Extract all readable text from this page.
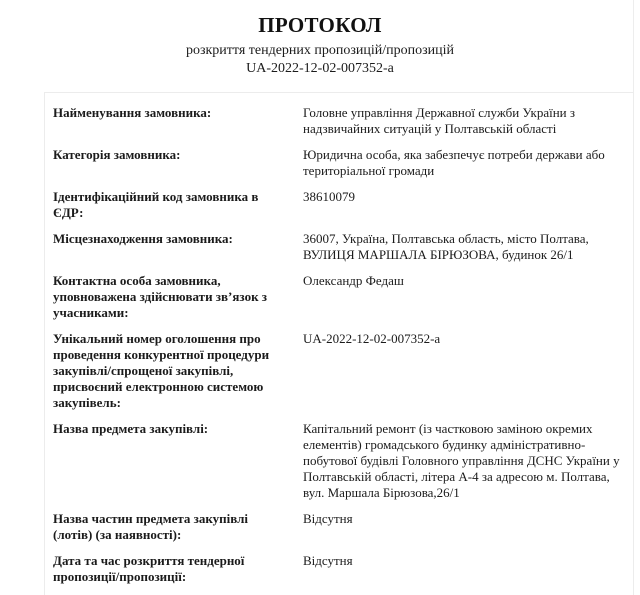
ПРОТОКОЛ
розкриття тендерних пропозицій/пропозицій
UA-2022-12-02-007352-a
Найменування замовника:	Головне управління Державної служби України з надзвичайних ситуацій у Полтавській області
Категорія замовника:	Юридична особа, яка забезпечує потреби держави або територіальної громади
Ідентифікаційний код замовника в ЄДР:	38610079
Місцезнаходження замовника:	36007, Україна, Полтавська область, місто Полтава, ВУЛИЦЯ МАРШАЛА БІРЮЗОВА, будинок 26/1
Контактна особа замовника, уповноважена здійснювати зв’язок з учасниками:	Олександр Федаш
Унікальний номер оголошення про проведення конкурентної процедури закупівлі/спрощеної закупівлі, присвоєний електронною системою закупівель:	UA-2022-12-02-007352-a
Назва предмета закупівлі:	Капітальний ремонт (із частковою заміною окремих елементів) громадського будинку адміністративно-побутової будівлі Головного управління ДСНС України у Полтавській області, літера А-4 за адресою м. Полтава, вул. Маршала Бірюзова,26/1
Назва частин предмета закупівлі (лотів) (за наявності):	Відсутня
Дата та час розкриття тендерної пропозиції/пропозиції:	Відсутня
